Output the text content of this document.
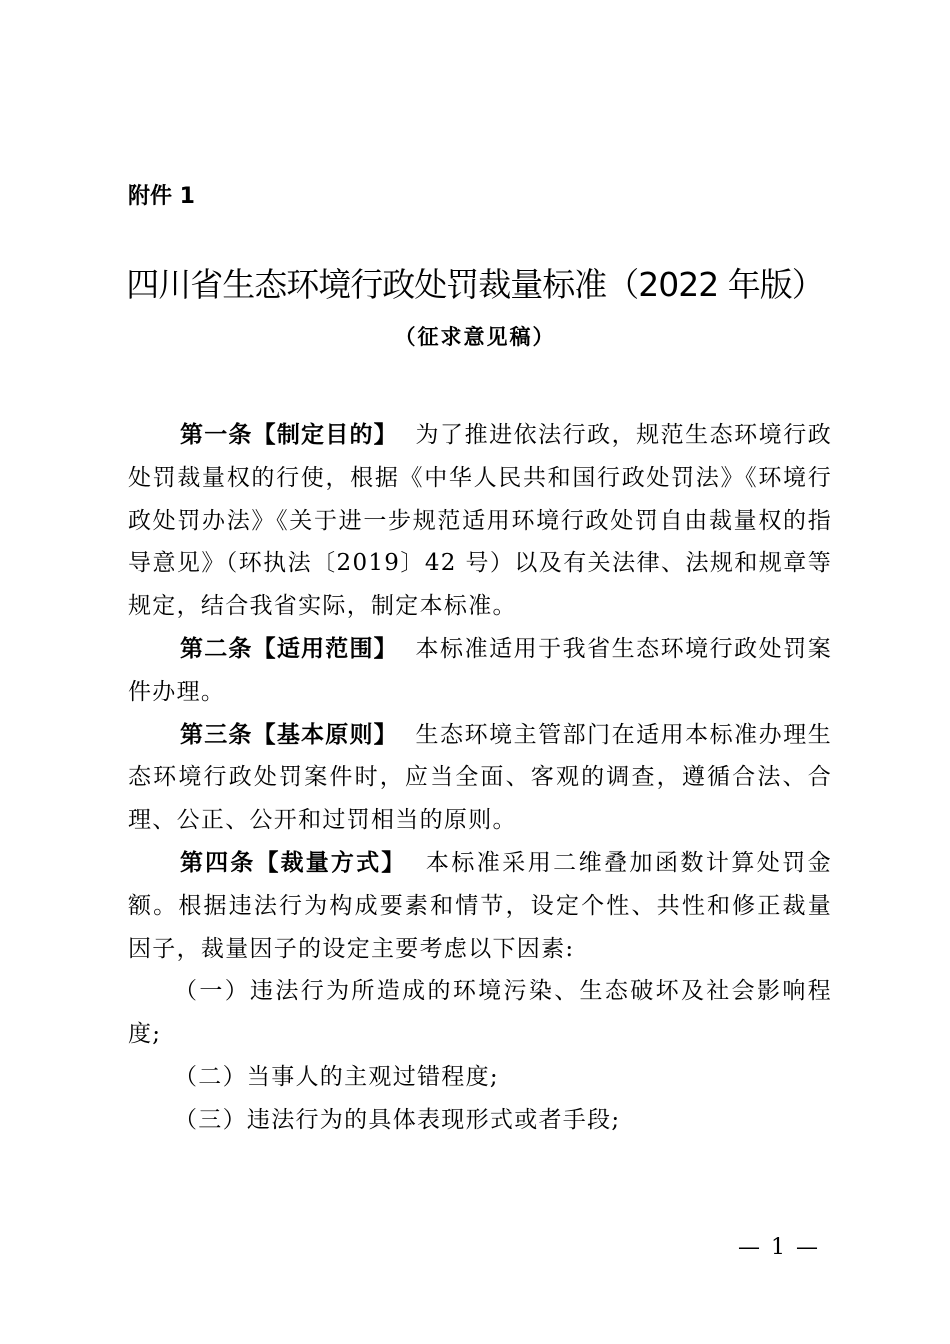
附件 1
四川省生态环境行政处罚裁量标准（2022 年版）
（征求意见稿）

第一条【制定目的】 为了推进依法行政，规范生态环境行政处罚裁量权的行使，根据《中华人民共和国行政处罚法》《环境行政处罚办法》《关于进一步规范适用环境行政处罚自由裁量权的指导意见》（环执法〔2019〕42 号）以及有关法律、法规和规章等规定，结合我省实际，制定本标准。

第二条【适用范围】 本标准适用于我省生态环境行政处罚案件办理。

第三条【基本原则】 生态环境主管部门在适用本标准办理生态环境行政处罚案件时，应当全面、客观的调查，遵循合法、合理、公正、公开和过罚相当的原则。

第四条【裁量方式】 本标准采用二维叠加函数计算处罚金额。根据违法行为构成要素和情节，设定个性、共性和修正裁量因子，裁量因子的设定主要考虑以下因素:

（一）违法行为所造成的环境污染、生态破坏及社会影响程度;

（二）当事人的主观过错程度;

（三）违法行为的具体表现形式或者手段;

— 1 —
